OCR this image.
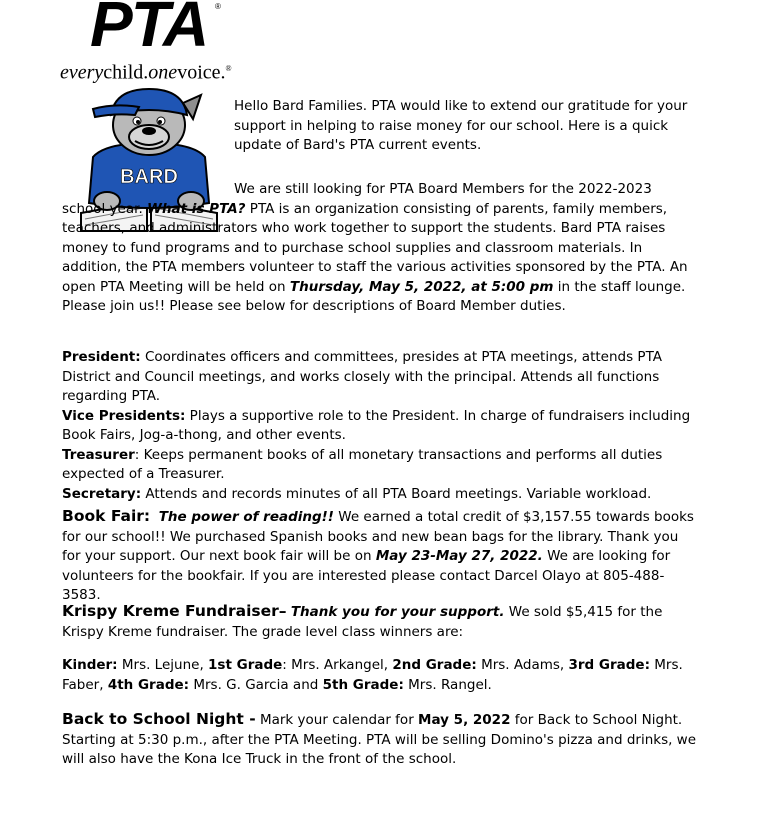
PTA ®
everychild.onevoice.®
BARD

Hello Bard Families. PTA would like to extend our gratitude for your support in helping to raise money for our school. Here is a quick update of Bard's PTA current events.

We are still looking for PTA Board Members for the 2022-2023 school year. What is PTA? PTA is an organization consisting of parents, family members, teachers, and administrators who work together to support the students. Bard PTA raises money to fund programs and to purchase school supplies and classroom materials. In addition, the PTA members volunteer to staff the various activities sponsored by the PTA. An open PTA Meeting will be held on Thursday, May 5, 2022, at 5:00 pm in the staff lounge. Please join us!! Please see below for descriptions of Board Member duties.

President: Coordinates officers and committees, presides at PTA meetings, attends PTA District and Council meetings, and works closely with the principal. Attends all functions regarding PTA.

Vice Presidents: Plays a supportive role to the President. In charge of fundraisers including Book Fairs, Jog-a-thong, and other events.

Treasurer: Keeps permanent books of all monetary transactions and performs all duties expected of a Treasurer.

Secretary: Attends and records minutes of all PTA Board meetings. Variable workload.

Book Fair: The power of reading!! We earned a total credit of $3,157.55 towards books for our school!! We purchased Spanish books and new bean bags for the library. Thank you for your support. Our next book fair will be on May 23-May 27, 2022. We are looking for volunteers for the bookfair. If you are interested please contact Darcel Olayo at 805-488-3583.

Krispy Kreme Fundraiser– Thank you for your support. We sold $5,415 for the Krispy Kreme fundraiser. The grade level class winners are:

Kinder: Mrs. Lejune, 1st Grade: Mrs. Arkangel, 2nd Grade: Mrs. Adams, 3rd Grade: Mrs. Faber, 4th Grade: Mrs. G. Garcia and 5th Grade: Mrs. Rangel.

Back to School Night - Mark your calendar for May 5, 2022 for Back to School Night. Starting at 5:30 p.m., after the PTA Meeting. PTA will be selling Domino's pizza and drinks, we will also have the Kona Ice Truck in the front of the school.
